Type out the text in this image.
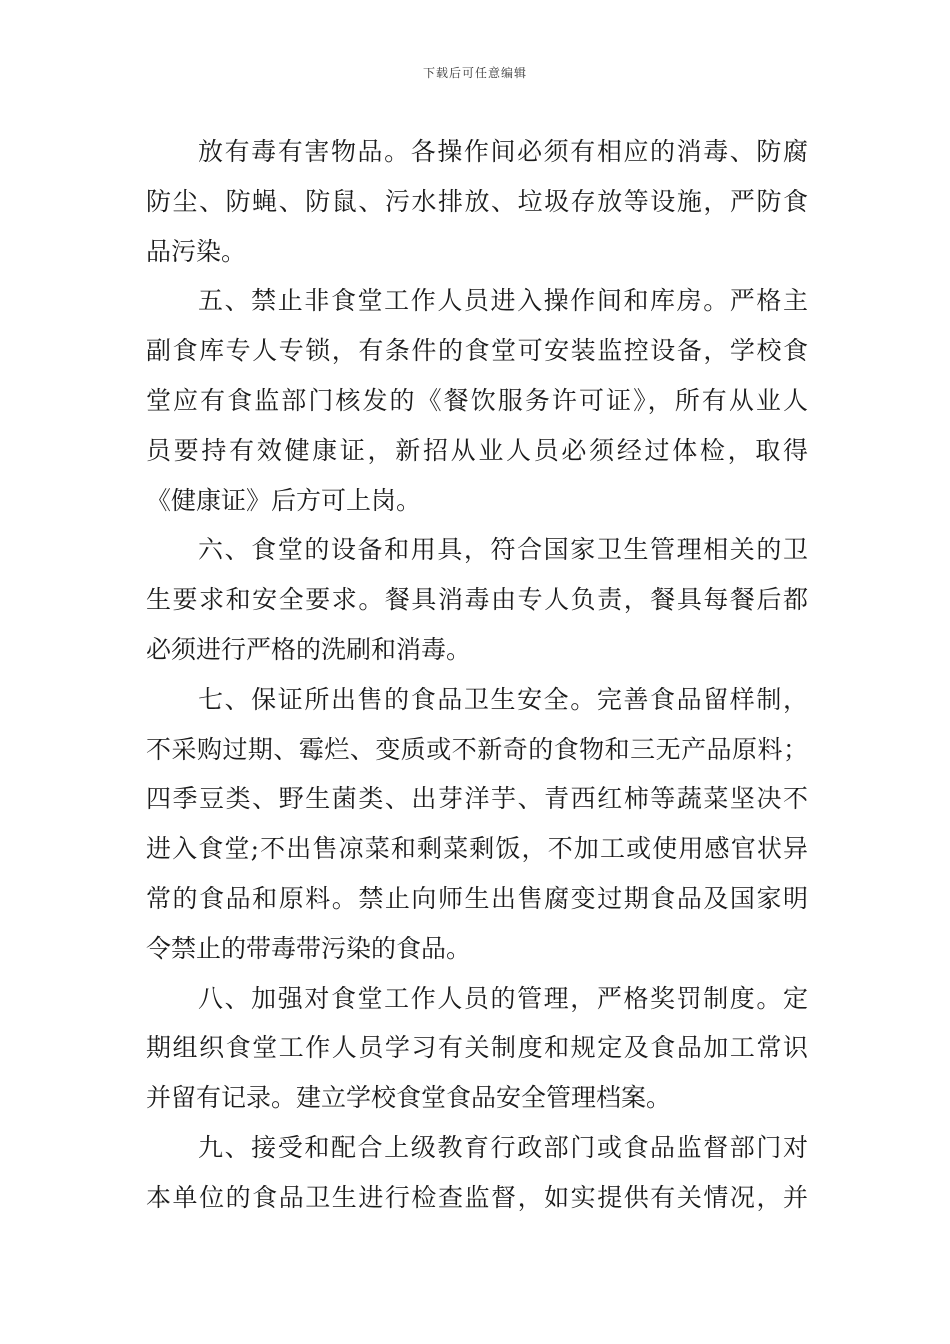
下载后可任意编辑
放有毒有害物品。各操作间必须有相应的消毒、防腐
防尘、防蝇、防鼠、污水排放、垃圾存放等设施，严防食
品污染。
五、禁止非食堂工作人员进入操作间和库房。严格主
副食库专人专锁，有条件的食堂可安装监控设备，学校食
堂应有食监部门核发的《餐饮服务许可证》，所有从业人
员要持有效健康证，新招从业人员必须经过体检，取得
《健康证》后方可上岗。
六、食堂的设备和用具，符合国家卫生管理相关的卫
生要求和安全要求。餐具消毒由专人负责，餐具每餐后都
必须进行严格的洗刷和消毒。
七、保证所出售的食品卫生安全。完善食品留样制，
不采购过期、霉烂、变质或不新奇的食物和三无产品原料；
四季豆类、野生菌类、出芽洋芋、青西红柿等蔬菜坚决不
进入食堂;不出售凉菜和剩菜剩饭，不加工或使用感官状异
常的食品和原料。禁止向师生出售腐变过期食品及国家明
令禁止的带毒带污染的食品。
八、加强对食堂工作人员的管理，严格奖罚制度。定
期组织食堂工作人员学习有关制度和规定及食品加工常识
并留有记录。建立学校食堂食品安全管理档案。
九、接受和配合上级教育行政部门或食品监督部门对
本单位的食品卫生进行检查监督，如实提供有关情况，并
